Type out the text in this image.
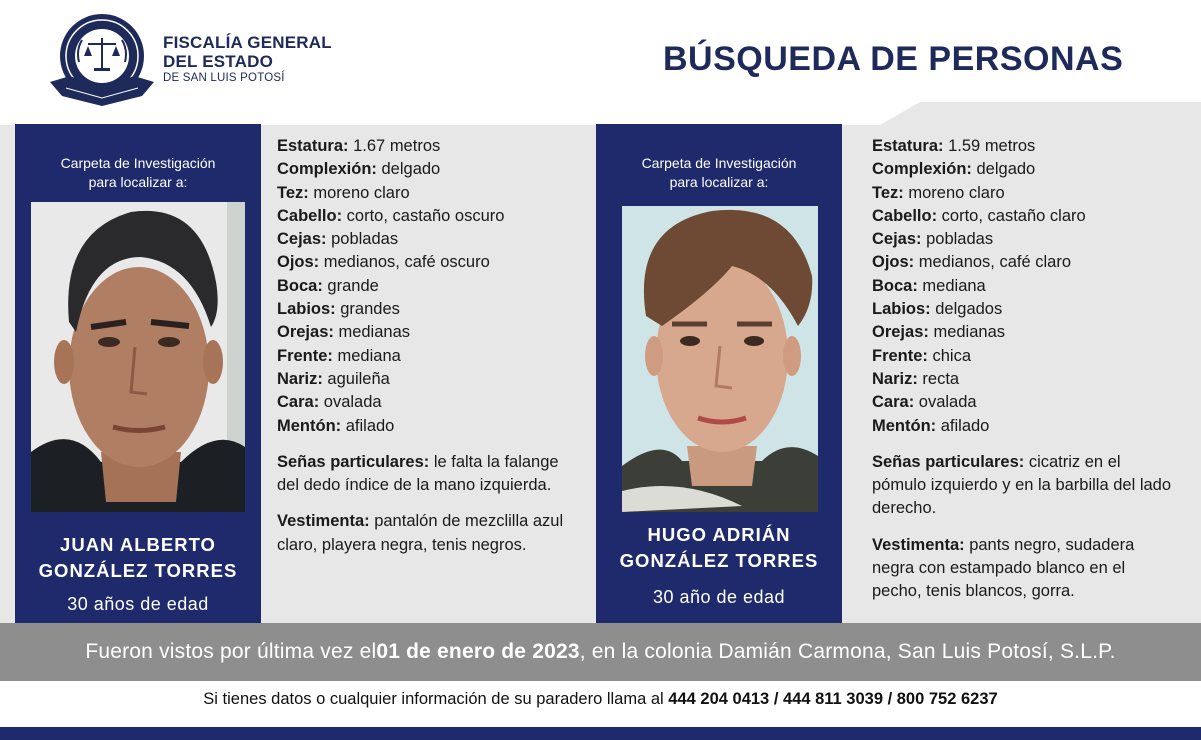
FISCALÍA GENERAL
DEL ESTADO
DE SAN LUIS POTOSÍ	BÚSQUEDA DE PERSONAS
Carpeta de Investigación
para localizar a:
JUAN ALBERTO
GONZÁLEZ TORRES
30 años de edad
Estatura: 1.67 metros
Complexión: delgado
Tez: moreno claro
Cabello: corto, castaño oscuro
Cejas: pobladas
Ojos: medianos, café oscuro
Boca: grande
Labios: grandes
Orejas: medianas
Frente: mediana
Nariz: aguileña
Cara: ovalada
Mentón: afilado
Señas particulares: le falta la falange del dedo índice de la mano izquierda.
Vestimenta: pantalón de mezclilla azul claro, playera negra, tenis negros.
Carpeta de Investigación
para localizar a:
HUGO ADRIÁN
GONZÁLEZ TORRES
30 año de edad
Estatura: 1.59 metros
Complexión: delgado
Tez: moreno claro
Cabello: corto, castaño claro
Cejas: pobladas
Ojos: medianos, café claro
Boca: mediana
Labios: delgados
Orejas: medianas
Frente: chica
Nariz: recta
Cara: ovalada
Mentón: afilado
Señas particulares: cicatriz en el pómulo izquierdo y en la barbilla del lado derecho.
Vestimenta: pants negro, sudadera negra con estampado blanco en el pecho, tenis blancos, gorra.
Fueron vistos por última vez el 01 de enero de 2023 , en la colonia Damián Carmona, San Luis Potosí, S.L.P.
Si tienes datos o cualquier información de su paradero llama al 444 204 0413 / 444 811 3039 / 800 752 6237
